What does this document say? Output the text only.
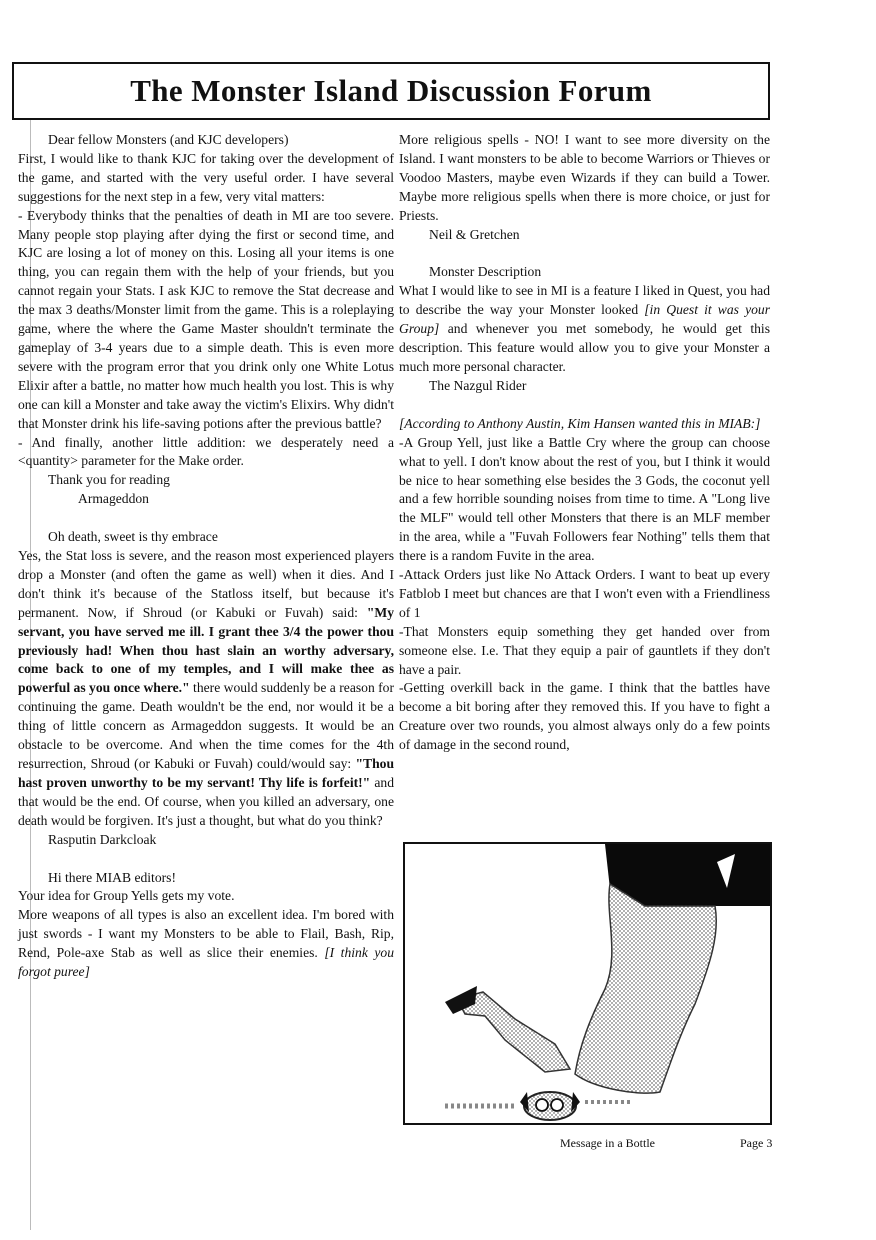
The Monster Island Discussion Forum

Dear fellow Monsters (and KJC developers)

First, I would like to thank KJC for taking over the development of the game, and started with the very useful order. I have several suggestions for the next step in a few, very vital matters:

- Everybody thinks that the penalties of death in MI are too severe. Many people stop playing after dying the first or second time, and KJC are losing a lot of money on this. Losing all your items is one thing, you can regain them with the help of your friends, but you cannot regain your Stats. I ask KJC to remove the Stat decrease and the max 3 deaths/Monster limit from the game. This is a roleplaying game, where the where the Game Master shouldn't terminate the gameplay of 3-4 years due to a simple death. This is even more severe with the program error that you drink only one White Lotus Elixir after a battle, no matter how much health you lost. This is why one can kill a Monster and take away the victim's Elixirs. Why didn't that Monster drink his life-saving potions after the previous battle?

- And finally, another little addition: we desperately need a <quantity> parameter for the Make order.

Thank you for reading

Armageddon

Oh death, sweet is thy embrace

Yes, the Stat loss is severe, and the reason most experienced players drop a Monster (and often the game as well) when it dies. And I don't think it's because of the Statloss itself, but because it's permanent. Now, if Shroud (or Kabuki or Fuvah) said: "My servant, you have served me ill. I grant thee 3/4 the power thou previously had! When thou hast slain an worthy adversary, come back to one of my temples, and I will make thee as powerful as you once where." there would suddenly be a reason for continuing the game. Death wouldn't be the end, nor would it be a thing of little concern as Armageddon suggests. It would be an obstacle to be overcome. And when the time comes for the 4th resurrection, Shroud (or Kabuki or Fuvah) could/would say: "Thou hast proven unworthy to be my servant! Thy life is forfeit!" and that would be the end. Of course, when you killed an adversary, one death would be forgiven. It's just a thought, but what do you think?

Rasputin Darkcloak

Hi there MIAB editors!

Your idea for Group Yells gets my vote.

More weapons of all types is also an excellent idea. I'm bored with just swords - I want my Monsters to be able to Flail, Bash, Rip, Rend, Pole-axe Stab as well as slice their enemies. [I think you forgot puree]

More religious spells - NO! I want to see more diversity on the Island. I want monsters to be able to become Warriors or Thieves or Voodoo Masters, maybe even Wizards if they can build a Tower. Maybe more religious spells when there is more choice, or just for Priests.

Neil & Gretchen

Monster Description

What I would like to see in MI is a feature I liked in Quest, you had to describe the way your Monster looked [in Quest it was your Group] and whenever you met somebody, he would get this description. This feature would allow you to give your Monster a much more personal character.

The Nazgul Rider

[According to Anthony Austin, Kim Hansen wanted this in MIAB:]

-A Group Yell, just like a Battle Cry where the group can choose what to yell. I don't know about the rest of you, but I think it would be nice to hear something else besides the 3 Gods, the coconut yell and a few horrible sounding noises from time to time. A "Long live the MLF" would tell other Monsters that there is an MLF member in the area, while a "Fuvah Followers fear Nothing" tells them that there is a random Fuvite in the area.

-Attack Orders just like No Attack Orders. I want to beat up every Fatblob I meet but chances are that I won't even with a Friendliness of 1

-That Monsters equip something they get handed over from someone else. I.e. That they equip a pair of gauntlets if they don't have a pair.

-Getting overkill back in the game. I think that the battles have become a bit boring after they removed this. If you have to fight a Creature over two rounds, you almost always only do a few points of damage in the second round,

Message in a Bottle	Page 3
